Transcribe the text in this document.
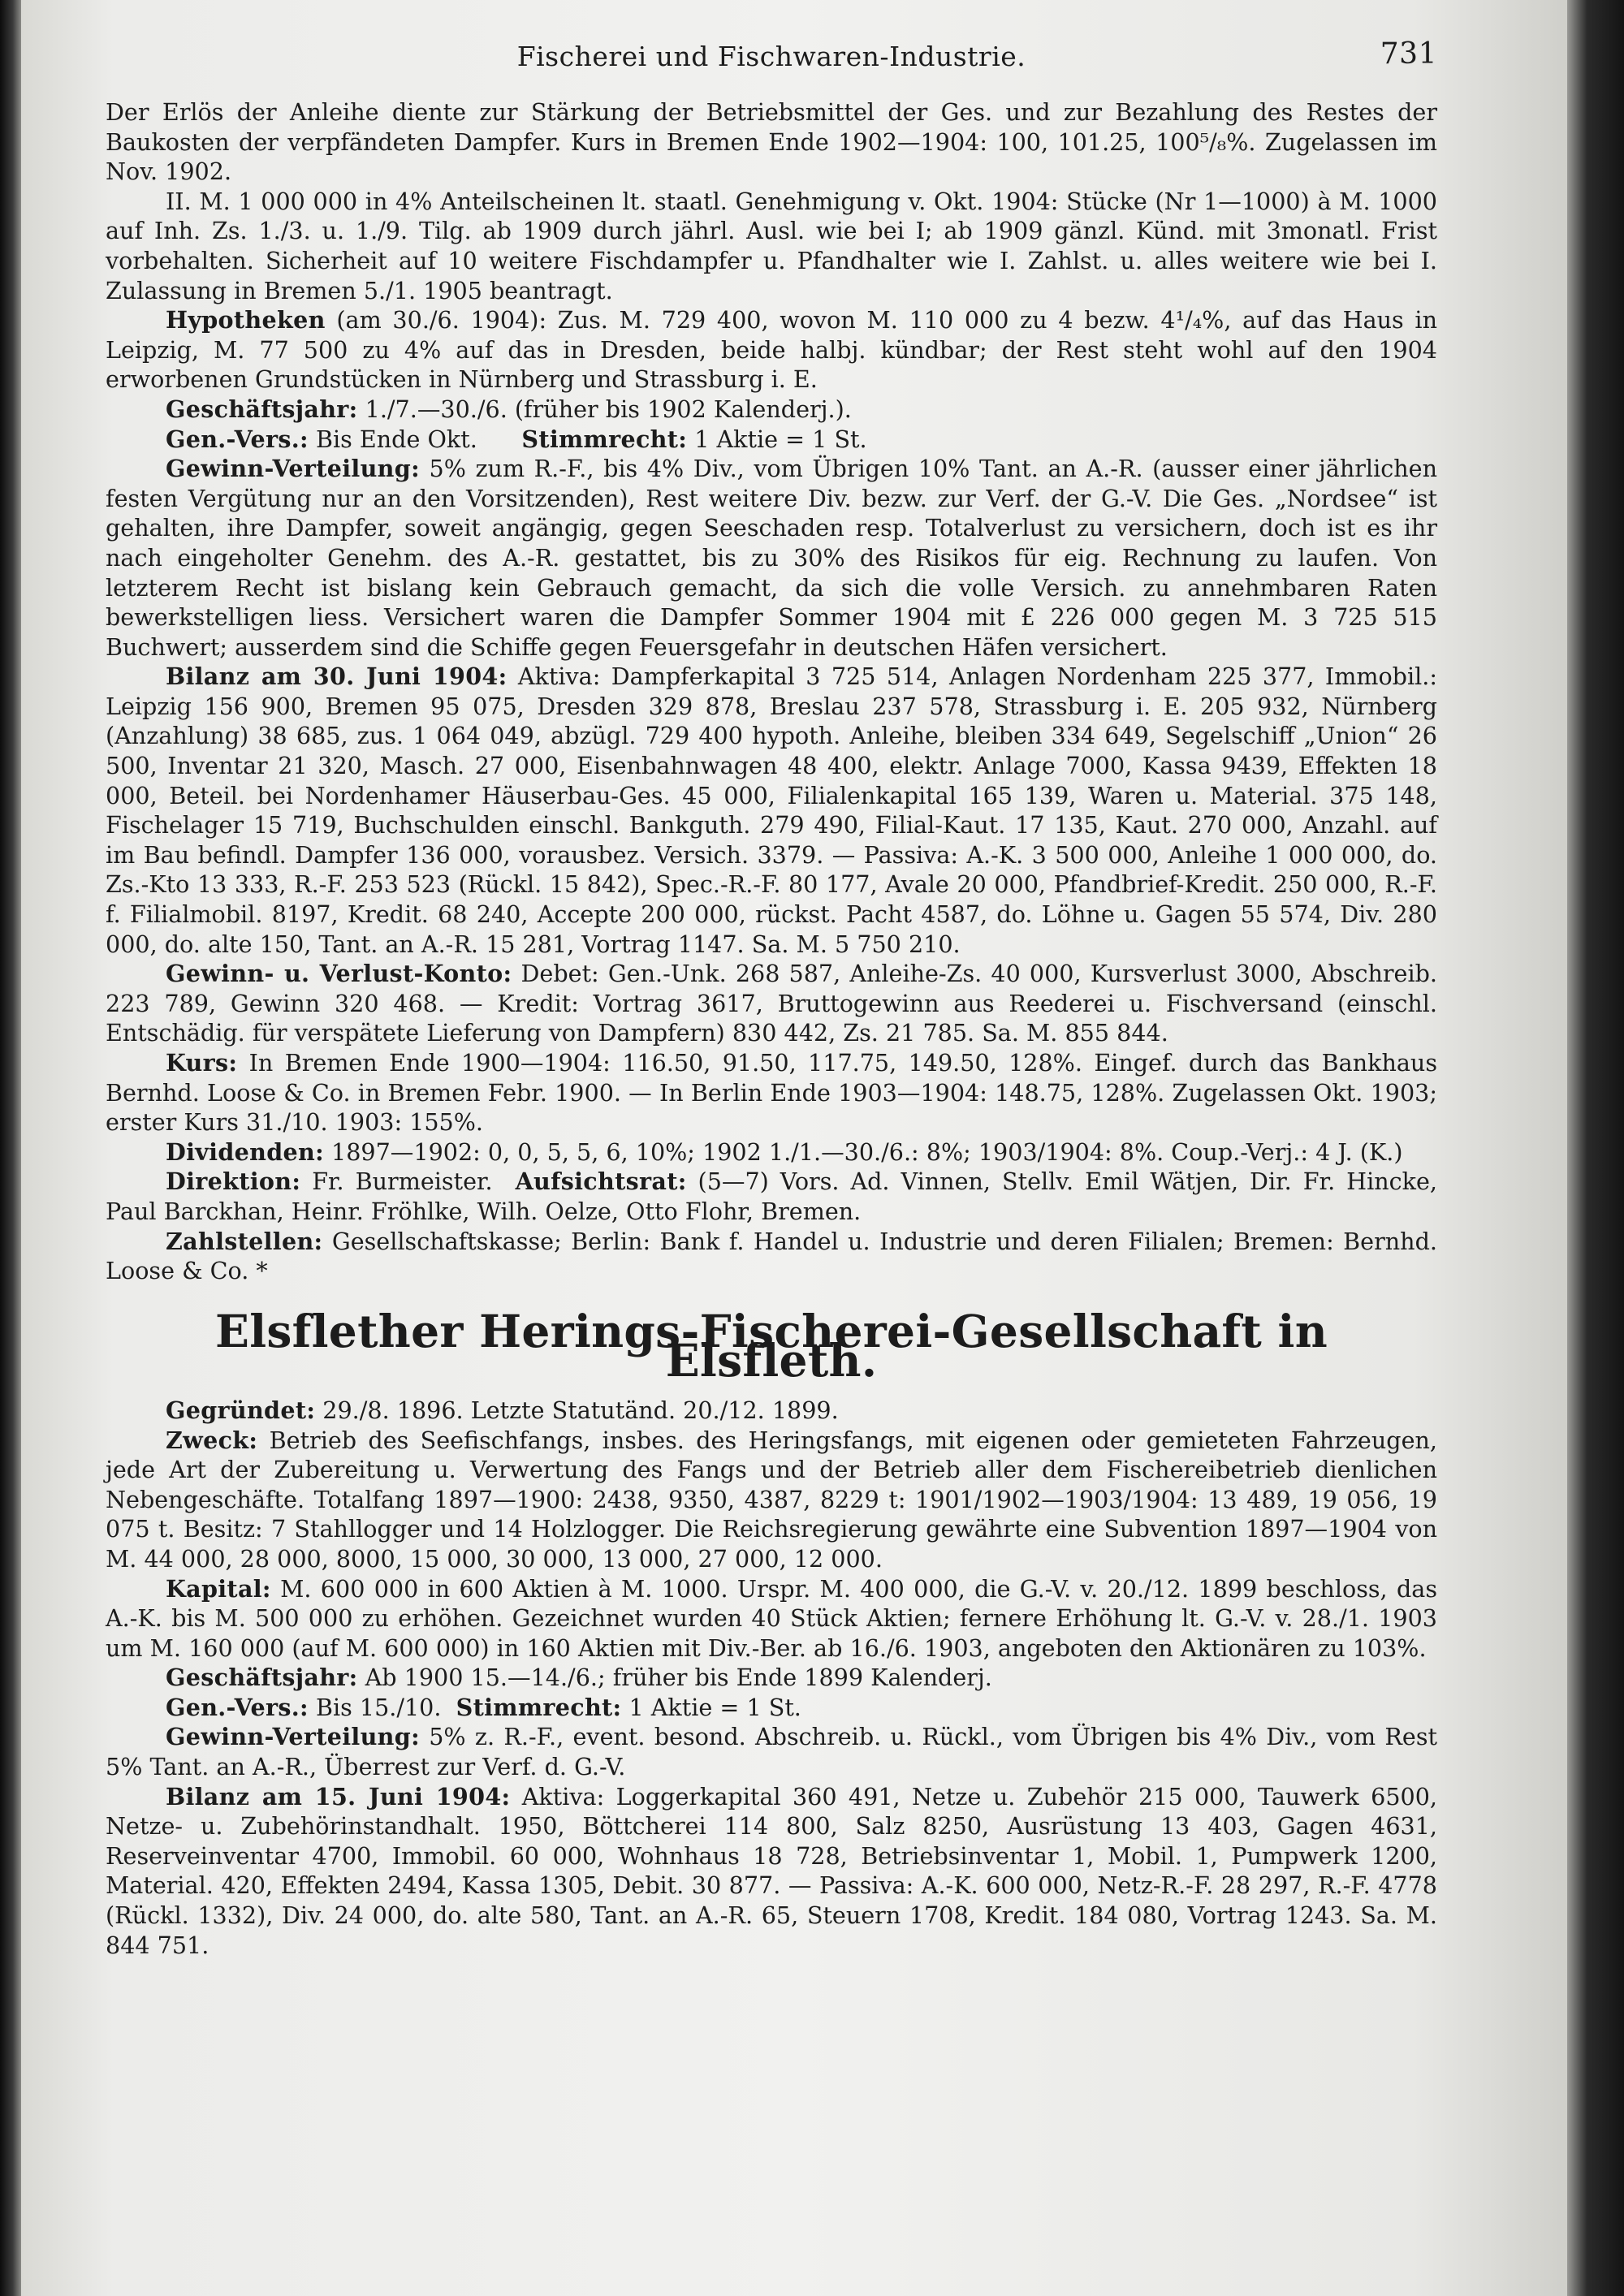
Fischerei und Fischwaren-Industrie.	731

Der Erlös der Anleihe diente zur Stärkung der Betriebsmittel der Ges. und zur Bezahlung des Restes der Baukosten der verpfändeten Dampfer. Kurs in Bremen Ende 1902—1904: 100, 101.25, 100⁵/₈%. Zugelassen im Nov. 1902.

II. M. 1 000 000 in 4% Anteilscheinen lt. staatl. Genehmigung v. Okt. 1904: Stücke (Nr 1—1000) à M. 1000 auf Inh. Zs. 1./3. u. 1./9. Tilg. ab 1909 durch jährl. Ausl. wie bei I; ab 1909 gänzl. Künd. mit 3monatl. Frist vorbehalten. Sicherheit auf 10 weitere Fischdampfer u. Pfandhalter wie I. Zahlst. u. alles weitere wie bei I. Zulassung in Bremen 5./1. 1905 beantragt.

Hypotheken (am 30./6. 1904): Zus. M. 729 400, wovon M. 110 000 zu 4 bezw. 4¹/₄%, auf das Haus in Leipzig, M. 77 500 zu 4% auf das in Dresden, beide halbj. kündbar; der Rest steht wohl auf den 1904 erworbenen Grundstücken in Nürnberg und Strassburg i. E.

Geschäftsjahr: 1./7.—30./6. (früher bis 1902 Kalenderj.).

Gen.-Vers.: Bis Ende Okt.      Stimmrecht: 1 Aktie = 1 St.

Gewinn-Verteilung: 5% zum R.-F., bis 4% Div., vom Übrigen 10% Tant. an A.-R. (ausser einer jährlichen festen Vergütung nur an den Vorsitzenden), Rest weitere Div. bezw. zur Verf. der G.-V. Die Ges. „Nordsee“ ist gehalten, ihre Dampfer, soweit angängig, gegen Seeschaden resp. Totalverlust zu versichern, doch ist es ihr nach eingeholter Genehm. des A.-R. gestattet, bis zu 30% des Risikos für eig. Rechnung zu laufen. Von letzterem Recht ist bislang kein Gebrauch gemacht, da sich die volle Versich. zu annehmbaren Raten bewerkstelligen liess. Versichert waren die Dampfer Sommer 1904 mit £ 226 000 gegen M. 3 725 515 Buchwert; ausserdem sind die Schiffe gegen Feuersgefahr in deutschen Häfen versichert.

Bilanz am 30. Juni 1904: Aktiva: Dampferkapital 3 725 514, Anlagen Nordenham 225 377, Immobil.: Leipzig 156 900, Bremen 95 075, Dresden 329 878, Breslau 237 578, Strassburg i. E. 205 932, Nürnberg (Anzahlung) 38 685, zus. 1 064 049, abzügl. 729 400 hypoth. Anleihe, bleiben 334 649, Segelschiff „Union“ 26 500, Inventar 21 320, Masch. 27 000, Eisenbahnwagen 48 400, elektr. Anlage 7000, Kassa 9439, Effekten 18 000, Beteil. bei Nordenhamer Häuserbau-Ges. 45 000, Filialenkapital 165 139, Waren u. Material. 375 148, Fischelager 15 719, Buchschulden einschl. Bankguth. 279 490, Filial-Kaut. 17 135, Kaut. 270 000, Anzahl. auf im Bau befindl. Dampfer 136 000, vorausbez. Versich. 3379. — Passiva: A.-K. 3 500 000, Anleihe 1 000 000, do. Zs.-Kto 13 333, R.-F. 253 523 (Rückl. 15 842), Spec.-R.-F. 80 177, Avale 20 000, Pfandbrief-Kredit. 250 000, R.-F. f. Filialmobil. 8197, Kredit. 68 240, Accepte 200 000, rückst. Pacht 4587, do. Löhne u. Gagen 55 574, Div. 280 000, do. alte 150, Tant. an A.-R. 15 281, Vortrag 1147. Sa. M. 5 750 210.

Gewinn- u. Verlust-Konto: Debet: Gen.-Unk. 268 587, Anleihe-Zs. 40 000, Kursverlust 3000, Abschreib. 223 789, Gewinn 320 468. — Kredit: Vortrag 3617, Bruttogewinn aus Reederei u. Fischversand (einschl. Entschädig. für verspätete Lieferung von Dampfern) 830 442, Zs. 21 785. Sa. M. 855 844.

Kurs: In Bremen Ende 1900—1904: 116.50, 91.50, 117.75, 149.50, 128%. Eingef. durch das Bankhaus Bernhd. Loose & Co. in Bremen Febr. 1900. — In Berlin Ende 1903—1904: 148.75, 128%. Zugelassen Okt. 1903; erster Kurs 31./10. 1903: 155%.

Dividenden: 1897—1902: 0, 0, 5, 5, 6, 10%; 1902 1./1.—30./6.: 8%; 1903/1904: 8%. Coup.-Verj.: 4 J. (K.)

Direktion: Fr. Burmeister.  Aufsichtsrat: (5—7) Vors. Ad. Vinnen, Stellv. Emil Wätjen, Dir. Fr. Hincke, Paul Barckhan, Heinr. Fröhlke, Wilh. Oelze, Otto Flohr, Bremen.

Zahlstellen: Gesellschaftskasse; Berlin: Bank f. Handel u. Industrie und deren Filialen; Bremen: Bernhd. Loose & Co. *

Elsflether Herings-Fischerei-Gesellschaft in Elsfleth.

Gegründet: 29./8. 1896. Letzte Statutänd. 20./12. 1899.

Zweck: Betrieb des Seefischfangs, insbes. des Heringsfangs, mit eigenen oder gemieteten Fahrzeugen, jede Art der Zubereitung u. Verwertung des Fangs und der Betrieb aller dem Fischereibetrieb dienlichen Nebengeschäfte. Totalfang 1897—1900: 2438, 9350, 4387, 8229 t: 1901/1902—1903/1904: 13 489, 19 056, 19 075 t. Besitz: 7 Stahllogger und 14 Holzlogger. Die Reichsregierung gewährte eine Subvention 1897—1904 von M. 44 000, 28 000, 8000, 15 000, 30 000, 13 000, 27 000, 12 000.

Kapital: M. 600 000 in 600 Aktien à M. 1000. Urspr. M. 400 000, die G.-V. v. 20./12. 1899 beschloss, das A.-K. bis M. 500 000 zu erhöhen. Gezeichnet wurden 40 Stück Aktien; fernere Erhöhung lt. G.-V. v. 28./1. 1903 um M. 160 000 (auf M. 600 000) in 160 Aktien mit Div.-Ber. ab 16./6. 1903, angeboten den Aktionären zu 103%.

Geschäftsjahr: Ab 1900 15.—14./6.; früher bis Ende 1899 Kalenderj.

Gen.-Vers.: Bis 15./10.  Stimmrecht: 1 Aktie = 1 St.

Gewinn-Verteilung: 5% z. R.-F., event. besond. Abschreib. u. Rückl., vom Übrigen bis 4% Div., vom Rest 5% Tant. an A.-R., Überrest zur Verf. d. G.-V.

Bilanz am 15. Juni 1904: Aktiva: Loggerkapital 360 491, Netze u. Zubehör 215 000, Tauwerk 6500, Netze- u. Zubehörinstandhalt. 1950, Böttcherei 114 800, Salz 8250, Ausrüstung 13 403, Gagen 4631, Reserveinventar 4700, Immobil. 60 000, Wohnhaus 18 728, Betriebsinventar 1, Mobil. 1, Pumpwerk 1200, Material. 420, Effekten 2494, Kassa 1305, Debit. 30 877. — Passiva: A.-K. 600 000, Netz-R.-F. 28 297, R.-F. 4778 (Rückl. 1332), Div. 24 000, do. alte 580, Tant. an A.-R. 65, Steuern 1708, Kredit. 184 080, Vortrag 1243. Sa. M. 844 751.
